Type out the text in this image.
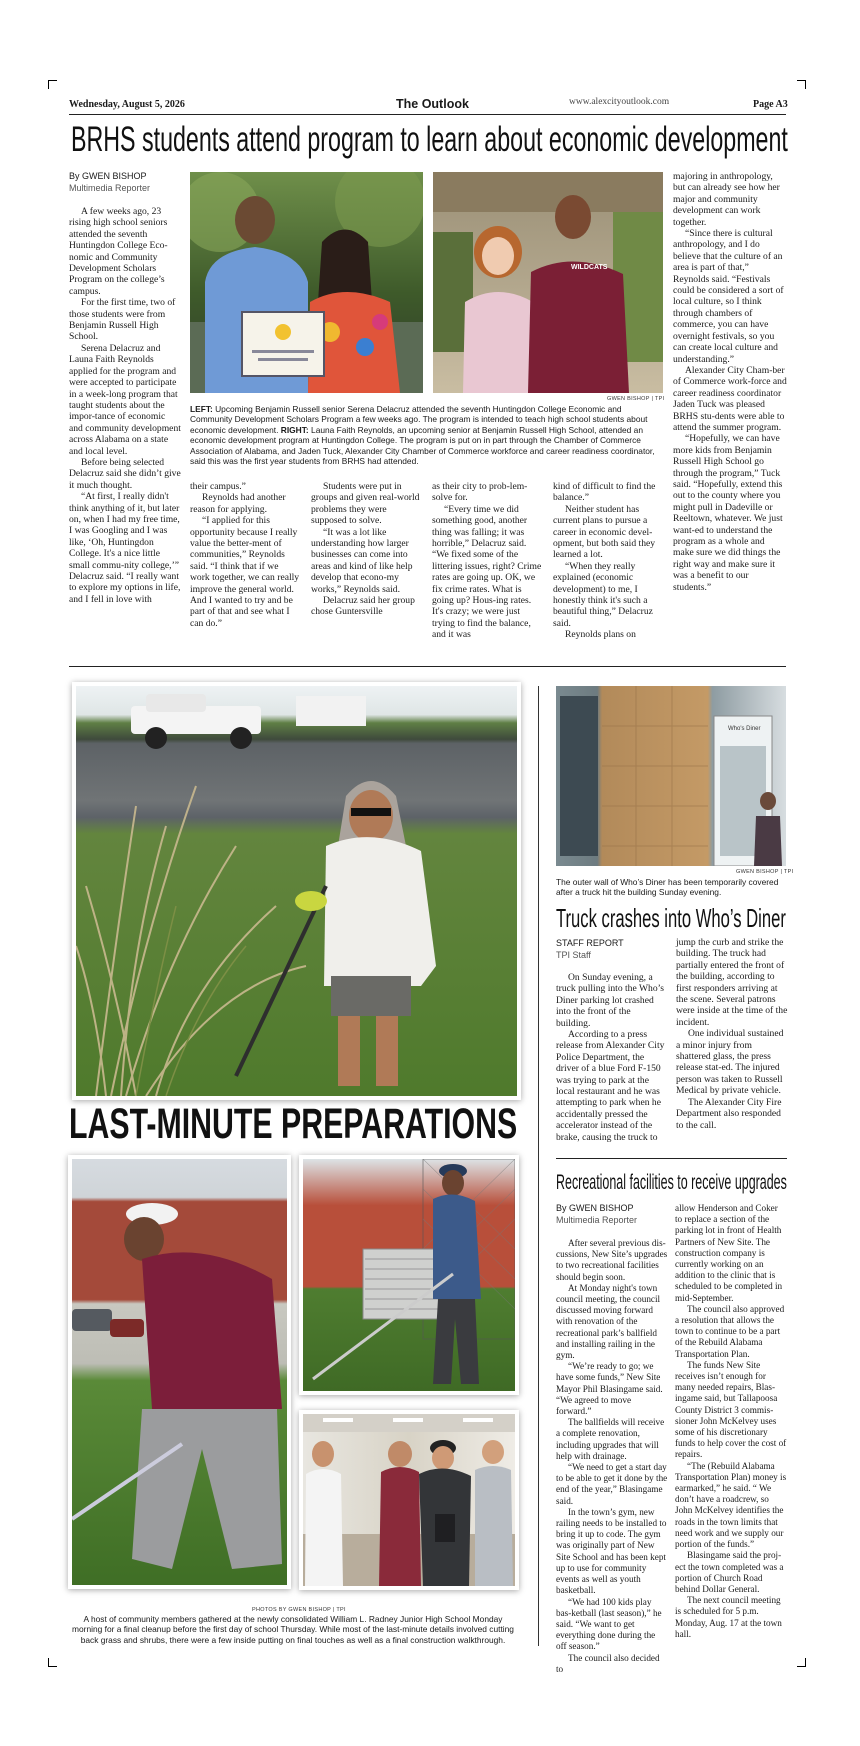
Wednesday, August 5, 2026	The Outlook	www.alexcityoutlook.com	Page A3
BRHS students attend program to learn about economic development
By GWEN BISHOP
Multimedia Reporter
WILDCATS
GWEN BISHOP | TPI
LEFT: Upcoming Benjamin Russell senior Serena Delacruz attended the seventh Huntingdon College Economic and Community Development Scholars Program a few weeks ago. The program is intended to teach high school students about economic development. RIGHT: Launa Faith Reynolds, an upcoming senior at Benjamin Russell High School, attended an economic development program at Huntingdon College. The program is put on in part through the Chamber of Commerce Association of Alabama, and Jaden Tuck, Alexander City Chamber of Commerce workforce and career readiness coordinator, said this was the first year students from BRHS had attended.

A few weeks ago, 23 rising high school seniors attended the seventh Huntingdon College Eco-nomic and Community Development Scholars Program on the college’s campus.

For the first time, two of those students were from Benjamin Russell High School.

Serena Delacruz and Launa Faith Reynolds applied for the program and were accepted to participate in a week-long program that taught students about the impor-tance of economic and community development across Alabama on a state and local level.

Before being selected Delacruz said she didn’t give it much thought.

“At first, I really didn't think anything of it, but later on, when I had my free time, I was Googling and I was like, ‘Oh, Huntingdon College. It's a nice little small commu-nity college,’” Delacruz said. “I really want to explore my options in life, and I fell in love with

their campus.”

Reynolds had another reason for applying.

“I applied for this opportunity because I really value the better-ment of communities,” Reynolds said. “I think that if we work together, we can really improve the general world. And I wanted to try and be part of that and see what I can do.”

Students were put in groups and given real-world problems they were supposed to solve.

“It was a lot like understanding how larger businesses can come into areas and kind of like help develop that econo-my works,” Reynolds said.

Delacruz said her group chose Guntersville

as their city to prob-lem-solve for.

“Every time we did something good, another thing was falling; it was horrible,” Delacruz said. “We fixed some of the littering issues, right? Crime rates are going up. OK, we fix crime rates. What is going up? Hous-ing rates. It's crazy; we were just trying to find the balance, and it was

kind of difficult to find the balance.”

Neither student has current plans to pursue a career in economic devel-opment, but both said they learned a lot.

“When they really explained (economic development) to me, I honestly think it's such a beautiful thing,” Delacruz said.

Reynolds plans on

majoring in anthropology, but can already see how her major and community development can work together.

“Since there is cultural anthropology, and I do believe that the culture of an area is part of that,” Reynolds said. “Festivals could be considered a sort of local culture, so I think through chambers of commerce, you can have overnight festivals, so you can create local culture and understanding.”

Alexander City Cham-ber of Commerce work-force and career readiness coordinator Jaden Tuck was pleased BRHS stu-dents were able to attend the summer program.

“Hopefully, we can have more kids from Benjamin Russell High School go through the program,” Tuck said. “Hopefully, extend this out to the county where you might pull in Dadeville or Reeltown, whatever. We just want-ed to understand the program as a whole and make sure we did things the right way and make sure it was a benefit to our students.”

LAST-MINUTE PREPARATIONS
PHOTOS BY GWEN BISHOP | TPI
A host of community members gathered at the newly consolidated William L. Radney Junior High School Monday morning for a final cleanup before the first day of school Thursday. While most of the last-minute details involved cutting back grass and shrubs, there were a few inside putting on final touches as well as a final construction walkthrough.
Who's Diner
GWEN BISHOP | TPI
The outer wall of Who’s Diner has been temporarily covered after a truck hit the building Sunday evening.
Truck crashes into Who’s Diner
STAFF REPORT
TPI Staff

On Sunday evening, a truck pulling into the Who’s Diner parking lot crashed into the front of the building.

According to a press release from Alexander City Police Department, the driver of a blue Ford F-150 was trying to park at the local restaurant and he was attempting to park when he accidentally pressed the accelerator instead of the brake, causing the truck to

jump the curb and strike the building. The truck had partially entered the front of the building, according to first responders arriving at the scene. Several patrons were inside at the time of the incident.

One individual sustained a minor injury from shattered glass, the press release stat-ed. The injured person was taken to Russell Medical by private vehicle.

The Alexander City Fire Department also responded to the call.

Recreational facilities to receive upgrades
By GWEN BISHOP
Multimedia Reporter

After several previous dis-cussions, New Site’s upgrades to two recreational facilities should begin soon.

At Monday night's town council meeting, the council discussed moving forward with renovation of the recreational park’s ballfield and installing railing in the gym.

“We’re ready to go; we have some funds,” New Site Mayor Phil Blasingame said. “We agreed to move forward.”

The ballfields will receive a complete renovation, including upgrades that will help with drainage.

“We need to get a start day to be able to get it done by the end of the year,” Blasingame said.

In the town’s gym, new railing needs to be installed to bring it up to code. The gym was originally part of New Site School and has been kept up to use for community events as well as youth basketball.

“We had 100 kids play bas-ketball (last season),” he said. “We want to get everything done during the off season.”

The council also decided to

allow Henderson and Coker to replace a section of the parking lot in front of Health Partners of New Site. The construction company is currently working on an addition to the clinic that is scheduled to be completed in mid-September.

The council also approved a resolution that allows the town to continue to be a part of the Rebuild Alabama Transportation Plan.

The funds New Site receives isn’t enough for many needed repairs, Blas-ingame said, but Tallapoosa County District 3 commis-sioner John McKelvey uses some of his discretionary funds to help cover the cost of repairs.

“The (Rebuild Alabama Transportation Plan) money is earmarked,” he said. “ We don’t have a roadcrew, so John McKelvey identifies the roads in the town limits that need work and we supply our portion of the funds.”

Blasingame said the proj-ect the town completed was a portion of Church Road behind Dollar General.

The next council meeting is scheduled for 5 p.m. Monday, Aug. 17 at the town hall.
